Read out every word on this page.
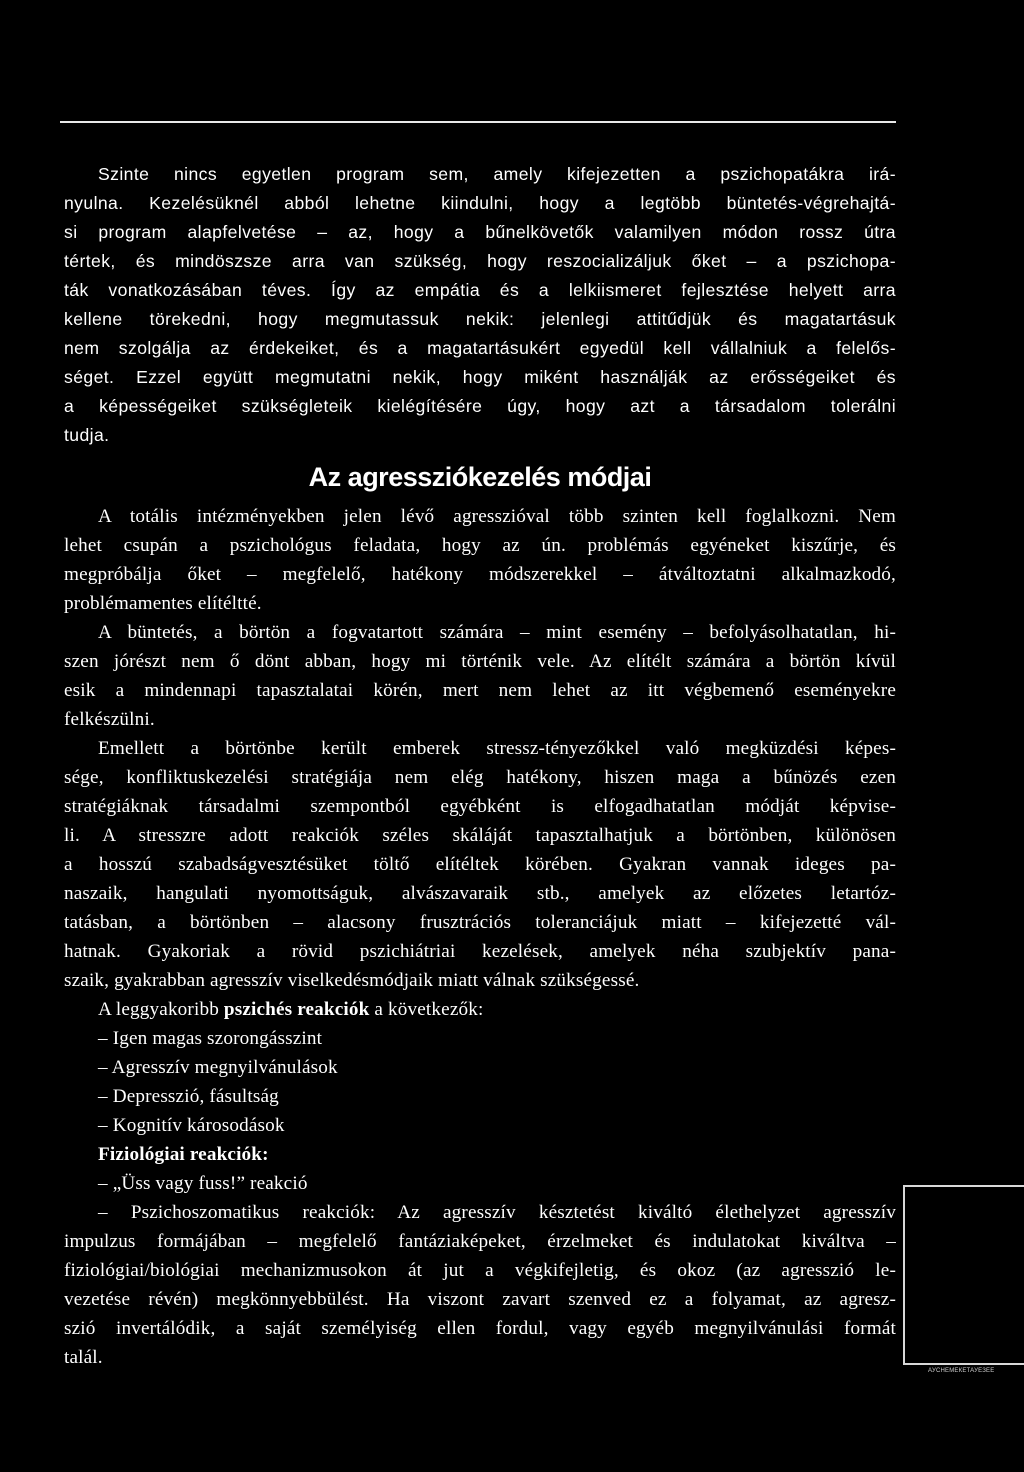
Szinte nincs egyetlen program sem, amely kifejezetten a pszichopatákra irá-
nyulna. Kezelésüknél abból lehetne kiindulni, hogy a legtöbb büntetés-végrehajtá-
si program alapfelvetése – az, hogy a bűnelkövetők valamilyen módon rossz útra
tértek, és mindöszsze arra van szükség, hogy reszocializáljuk őket – a pszichopa-
ták vonatkozásában téves. Így az empátia és a lelkiismeret fejlesztése helyett arra
kellene törekedni, hogy megmutassuk nekik: jelenlegi attitűdjük és magatartásuk
nem szolgálja az érdekeiket, és a magatartásukért egyedül kell vállalniuk a felelős-
séget. Ezzel együtt megmutatni nekik, hogy miként használják az erősségeiket és
a képességeiket szükségleteik kielégítésére úgy, hogy azt a társadalom tolerálni
tudja.
Az agressziókezelés módjai
A totális intézményekben jelen lévő agresszióval több szinten kell foglalkozni. Nem
lehet csupán a pszichológus feladata, hogy az ún. problémás egyéneket kiszűrje, és
megpróbálja őket – megfelelő, hatékony módszerekkel – átváltoztatni alkalmazkodó,
problémamentes elítéltté.
A büntetés, a börtön a fogvatartott számára – mint esemény – befolyásolhatatlan, hi-
szen jórészt nem ő dönt abban, hogy mi történik vele. Az elítélt számára a börtön kívül
esik a mindennapi tapasztalatai körén, mert nem lehet az itt végbemenő eseményekre
felkészülni.
Emellett a börtönbe került emberek stressz-tényezőkkel való megküzdési képes-
sége, konfliktuskezelési stratégiája nem elég hatékony, hiszen maga a bűnözés ezen
stratégiáknak társadalmi szempontból egyébként is elfogadhatatlan módját képvise-
li. A stresszre adott reakciók széles skáláját tapasztalhatjuk a börtönben, különösen
a hosszú szabadságvesztésüket töltő elítéltek körében. Gyakran vannak ideges pa-
naszaik, hangulati nyomottságuk, alvászavaraik stb., amelyek az előzetes letartóz-
tatásban, a börtönben – alacsony frusztrációs toleranciájuk miatt – kifejezetté vál-
hatnak. Gyakoriak a rövid pszichiátriai kezelések, amelyek néha szubjektív pana-
szaik, gyakrabban agresszív viselkedésmódjaik miatt válnak szükségessé.
A leggyakoribb pszichés reakciók a következők:
– Igen magas szorongásszint
– Agresszív megnyilvánulások
– Depresszió, fásultság
– Kognitív károsodások
Fiziológiai reakciók:
– „Üss vagy fuss!” reakció
– Pszichoszomatikus reakciók: Az agresszív késztetést kiváltó élethelyzet agresszív
impulzus formájában – megfelelő fantáziaképeket, érzelmeket és indulatokat kiváltva –
fiziológiai/biológiai mechanizmusokon át jut a végkifejletig, és okoz (az agresszió le-
vezetése révén) megkönnyebbülést. Ha viszont zavart szenved ez a folyamat, az agresz-
szió invertálódik, a saját személyiség ellen fordul, vagy egyéb megnyilvánulási formát
talál.
АУСНЕМЕКЕТАУЕЗЕЕ
